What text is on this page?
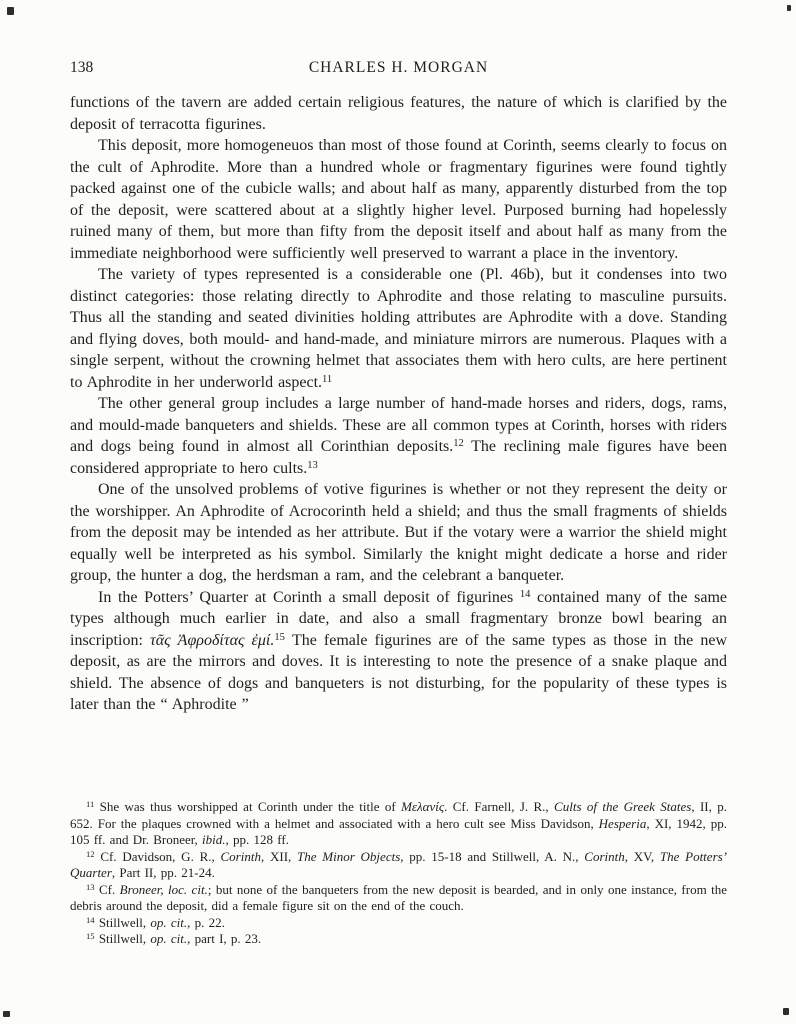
138	CHARLES H. MORGAN

functions of the tavern are added certain religious features, the nature of which is clarified by the deposit of terracotta figurines.

This deposit, more homogeneuos than most of those found at Corinth, seems clearly to focus on the cult of Aphrodite. More than a hundred whole or fragmentary figurines were found tightly packed against one of the cubicle walls; and about half as many, apparently disturbed from the top of the deposit, were scattered about at a slightly higher level. Purposed burning had hopelessly ruined many of them, but more than fifty from the deposit itself and about half as many from the immediate neighborhood were sufficiently well preserved to warrant a place in the inventory.

The variety of types represented is a considerable one (Pl. 46b), but it condenses into two distinct categories: those relating directly to Aphrodite and those relating to masculine pursuits. Thus all the standing and seated divinities holding attributes are Aphrodite with a dove. Standing and flying doves, both mould- and hand-made, and miniature mirrors are numerous. Plaques with a single serpent, without the crowning helmet that associates them with hero cults, are here pertinent to Aphrodite in her underworld aspect.$^{11}$

The other general group includes a large number of hand-made horses and riders, dogs, rams, and mould-made banqueters and shields. These are all common types at Corinth, horses with riders and dogs being found in almost all Corinthian deposits.$^{12}$ The reclining male figures have been considered appropriate to hero cults.$^{13}$

One of the unsolved problems of votive figurines is whether or not they represent the deity or the worshipper. An Aphrodite of Acrocorinth held a shield; and thus the small fragments of shields from the deposit may be intended as her attribute. But if the votary were a warrior the shield might equally well be interpreted as his symbol. Similarly the knight might dedicate a horse and rider group, the hunter a dog, the herdsman a ram, and the celebrant a banqueter.

In the Potters’ Quarter at Corinth a small deposit of figurines $^{14}$ contained many of the same types although much earlier in date, and also a small fragmentary bronze bowl bearing an inscription: τᾶς Ἀφροδίτας ἐμί.$^{15}$ The female figurines are of the same types as those in the new deposit, as are the mirrors and doves. It is interesting to note the presence of a snake plaque and shield. The absence of dogs and banqueters is not disturbing, for the popularity of these types is later than the “ Aphrodite ”

$^{11}$ She was thus worshipped at Corinth under the title of Μελανίς. Cf. Farnell, J. R., Cults of the Greek States, II, p. 652. For the plaques crowned with a helmet and associated with a hero cult see Miss Davidson, Hesperia, XI, 1942, pp. 105 ff. and Dr. Broneer, ibid., pp. 128 ff.

$^{12}$ Cf. Davidson, G. R., Corinth, XII, The Minor Objects, pp. 15-18 and Stillwell, A. N., Corinth, XV, The Potters’ Quarter, Part II, pp. 21-24.

$^{13}$ Cf. Broneer, loc. cit.; but none of the banqueters from the new deposit is bearded, and in only one instance, from the debris around the deposit, did a female figure sit on the end of the couch.

$^{14}$ Stillwell, op. cit., p. 22.

$^{15}$ Stillwell, op. cit., part I, p. 23.
